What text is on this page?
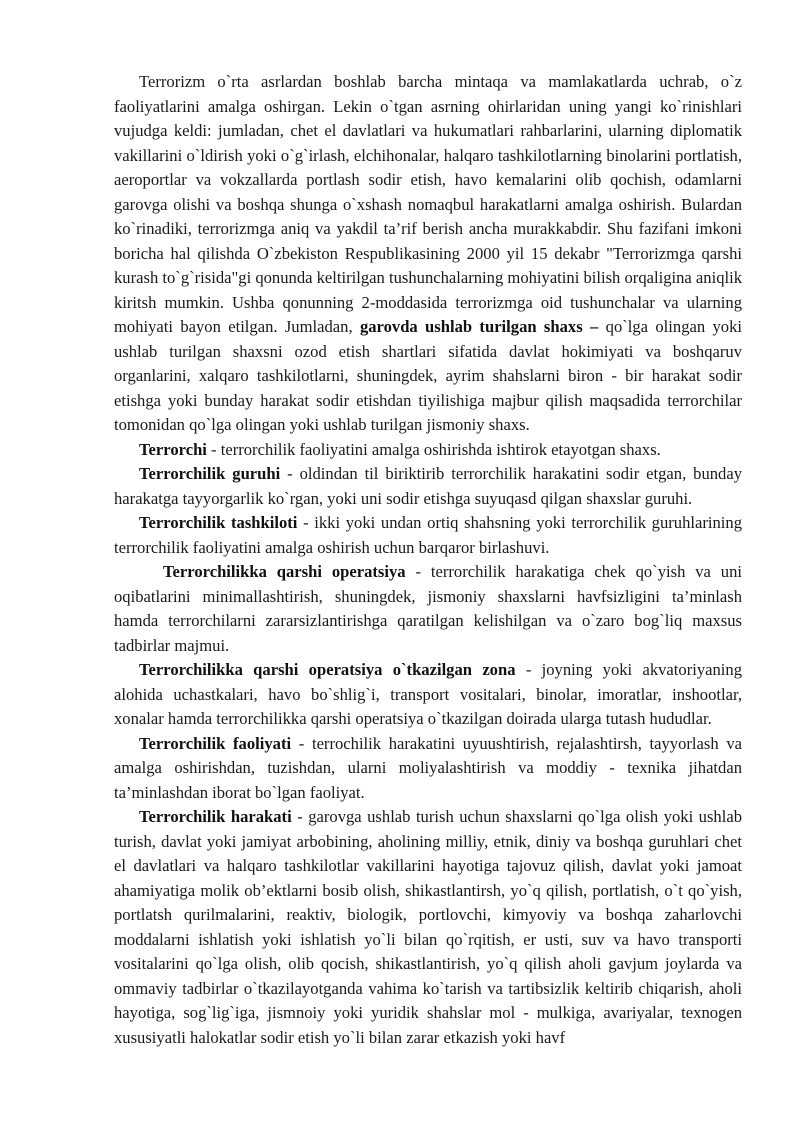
Terrorizm o`rta asrlardan boshlab barcha mintaqa va mamlakatlarda uchrab, o`z faoliyatlarini amalga oshirgan. Lekin o`tgan asrning ohirlaridan uning yangi ko`rinishlari vujudga keldi: jumladan, chet el davlatlari va hukumatlari rahbarlarini, ularning diplomatik vakillarini o`ldirish yoki o`g`irlash, elchihonalar, halqaro tashkilotlarning binolarini portlatish, aeroportlar va vokzallarda portlash sodir etish, havo kemalarini olib qochish, odamlarni garovga olishi va boshqa shunga o`xshash nomaqbul harakatlarni amalga oshirish. Bulardan ko`rinadiki, terrorizmga aniq va yakdil ta’rif berish ancha murakkabdir. Shu fazifani imkoni boricha hal qilishda O`zbekiston Respublikasining 2000 yil 15 dekabr "Terrorizmga qarshi kurash to`g`risida"gi qonunda keltirilgan tushunchalarning mohiyatini bilish orqaligina aniqlik kiritsh mumkin. Ushba qonunning 2-moddasida terrorizmga oid tushunchalar va ularning mohiyati bayon etilgan. Jumladan, garovda ushlab turilgan shaxs – qo`lga olingan yoki ushlab turilgan shaxsni ozod etish shartlari sifatida davlat hokimiyati va boshqaruv organlarini, xalqaro tashkilotlarni, shuningdek, ayrim shahslarni biron - bir harakat sodir etishga yoki bunday harakat sodir etishdan tiyilishiga majbur qilish maqsadida terrorchilar tomonidan qo`lga olingan yoki ushlab turilgan jismoniy shaxs.

Terrorchi - terrorchilik faoliyatini amalga oshirishda ishtirok etayotgan shaxs.

Terrorchilik guruhi - oldindan til biriktirib terrorchilik harakatini sodir etgan, bunday harakatga tayyorgarlik ko`rgan, yoki uni sodir etishga suyuqasd qilgan shaxslar guruhi.

Terrorchilik tashkiloti - ikki yoki undan ortiq shahsning yoki terrorchilik guruhlarining terrorchilik faoliyatini amalga oshirish uchun barqaror birlashuvi.

Terrorchilikka qarshi operatsiya - terrorchilik harakatiga chek qo`yish va uni oqibatlarini minimallashtirish, shuningdek, jismoniy shaxslarni havfsizligini ta’minlash hamda terrorchilarni zararsizlantirishga qaratilgan kelishilgan va o`zaro bog`liq maxsus tadbirlar majmui.

Terrorchilikka qarshi operatsiya o`tkazilgan zona - joyning yoki akvatoriyaning alohida uchastkalari, havo bo`shlig`i, transport vositalari, binolar, imoratlar, inshootlar, xonalar hamda terrorchilikka qarshi operatsiya o`tkazilgan doirada ularga tutash hududlar.

Terrorchilik faoliyati - terrochilik harakatini uyuushtirish, rejalashtirsh, tayyorlash va amalga oshirishdan, tuzishdan, ularni moliyalashtirish va moddiy - texnika jihatdan ta’minlashdan iborat bo`lgan faoliyat.

Terrorchilik harakati - garovga ushlab turish uchun shaxslarni qo`lga olish yoki ushlab turish, davlat yoki jamiyat arbobining, aholining milliy, etnik, diniy va boshqa guruhlari chet el davlatlari va halqaro tashkilotlar vakillarini hayotiga tajovuz qilish, davlat yoki jamoat ahamiyatiga molik ob’ektlarni bosib olish, shikastlantirsh, yo`q qilish, portlatish, o`t qo`yish, portlatsh qurilmalarini, reaktiv, biologik, portlovchi, kimyoviy va boshqa zaharlovchi moddalarni ishlatish yoki ishlatish yo`li bilan qo`rqitish, er usti, suv va havo transporti vositalarini qo`lga olish, olib qocish, shikastlantirish, yo`q qilish aholi gavjum joylarda va ommaviy tadbirlar o`tkazilayotganda vahima ko`tarish va tartibsizlik keltirib chiqarish, aholi hayotiga, sog`lig`iga, jismnoiy yoki yuridik shahslar mol - mulkiga, avariyalar, texnogen xususiyatli halokatlar sodir etish yo`li bilan zarar etkazish yoki havf
